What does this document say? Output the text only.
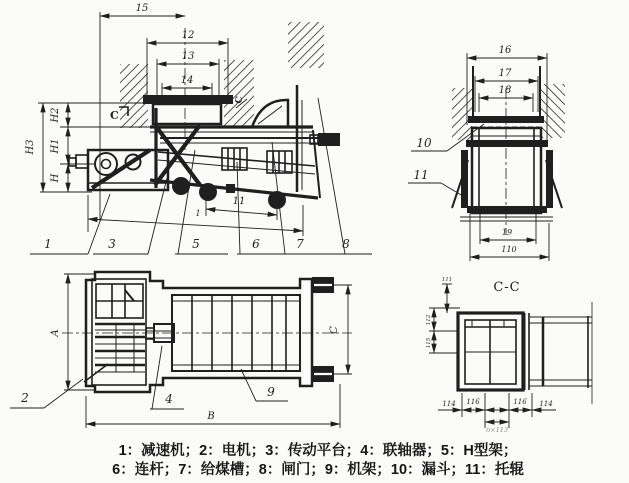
15
12
13
14
H3
H2
H1
H
C
C
11
1
1	3	5	6	7	8
16
17
18
19
110
10
11
A	C
B
2	4	9
C-C
111
112
115
114 116	116 114
n×113
1：减速机；2：电机；3：传动平台；4：联轴器；5：H型架；
6：连杆；7：给煤槽；8：闸门；9：机架；10：漏斗；11：托辊
